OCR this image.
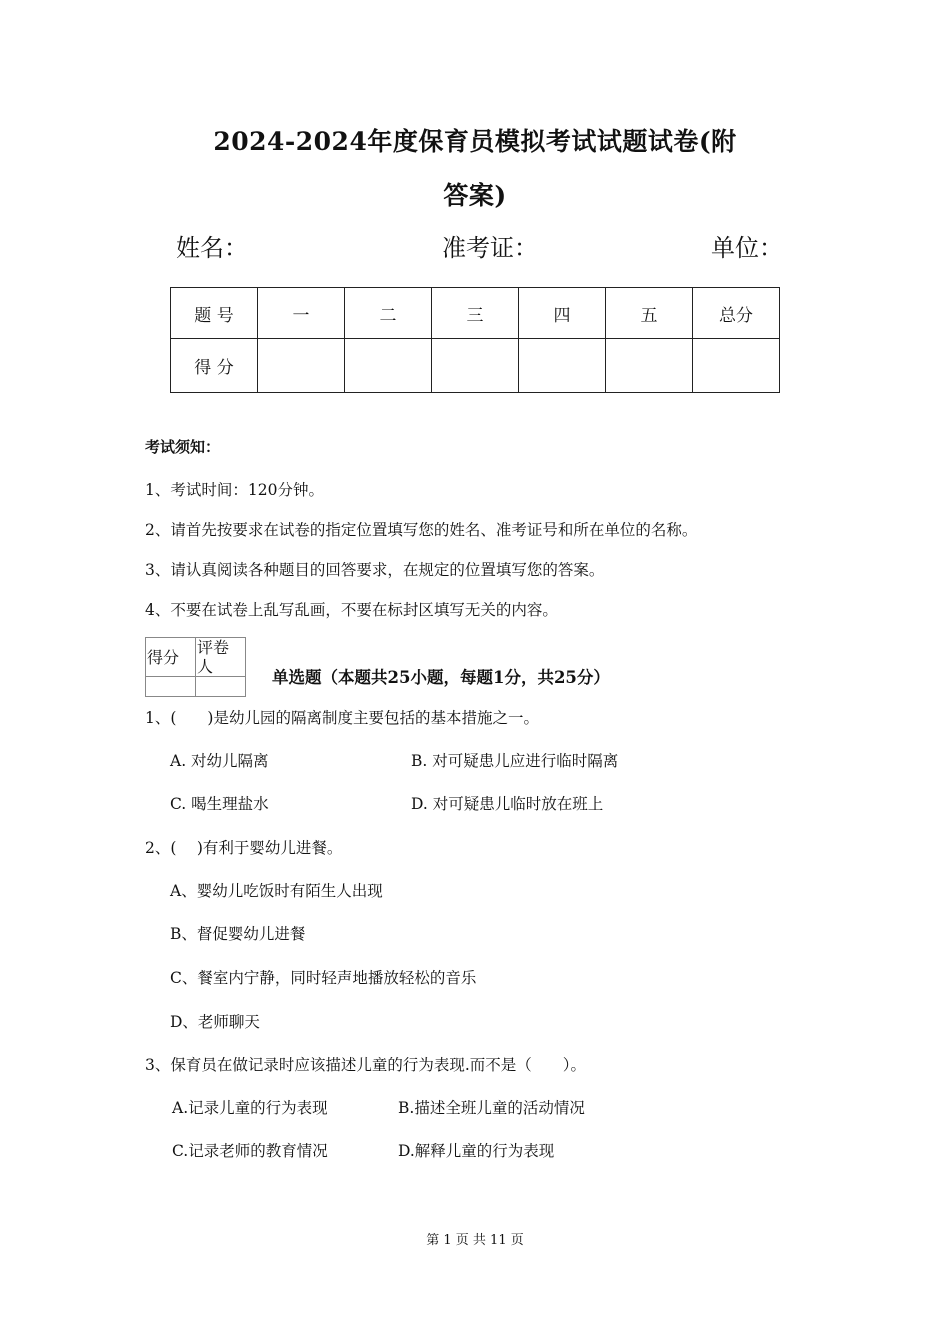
2024-2024年度保育员模拟考试试题试卷(附
答案)
姓名：	准考证：	单位：
题 号	一	二	三	四	五	总分
得 分						
考试须知：
1、考试时间：120分钟。
2、请首先按要求在试卷的指定位置填写您的姓名、准考证号和所在单位的名称。
3、请认真阅读各种题目的回答要求，在规定的位置填写您的答案。
4、不要在试卷上乱写乱画，不要在标封区填写无关的内容。
得分	评卷人

单选题（本题共25小题，每题1分，共25分）
1、(　　)是幼儿园的隔离制度主要包括的基本措施之一。
A. 对幼儿隔离	B. 对可疑患儿应进行临时隔离
C. 喝生理盐水	D. 对可疑患儿临时放在班上
2、(　 )有利于婴幼儿进餐。
A、婴幼儿吃饭时有陌生人出现
B、督促婴幼儿进餐
C、餐室内宁静，同时轻声地播放轻松的音乐
D、老师聊天
3、保育员在做记录时应该描述儿童的行为表现.而不是（　　）。
A.记录儿童的行为表现	B.描述全班儿童的活动情况
C.记录老师的教育情况	D.解释儿童的行为表现
第 1 页 共 11 页
